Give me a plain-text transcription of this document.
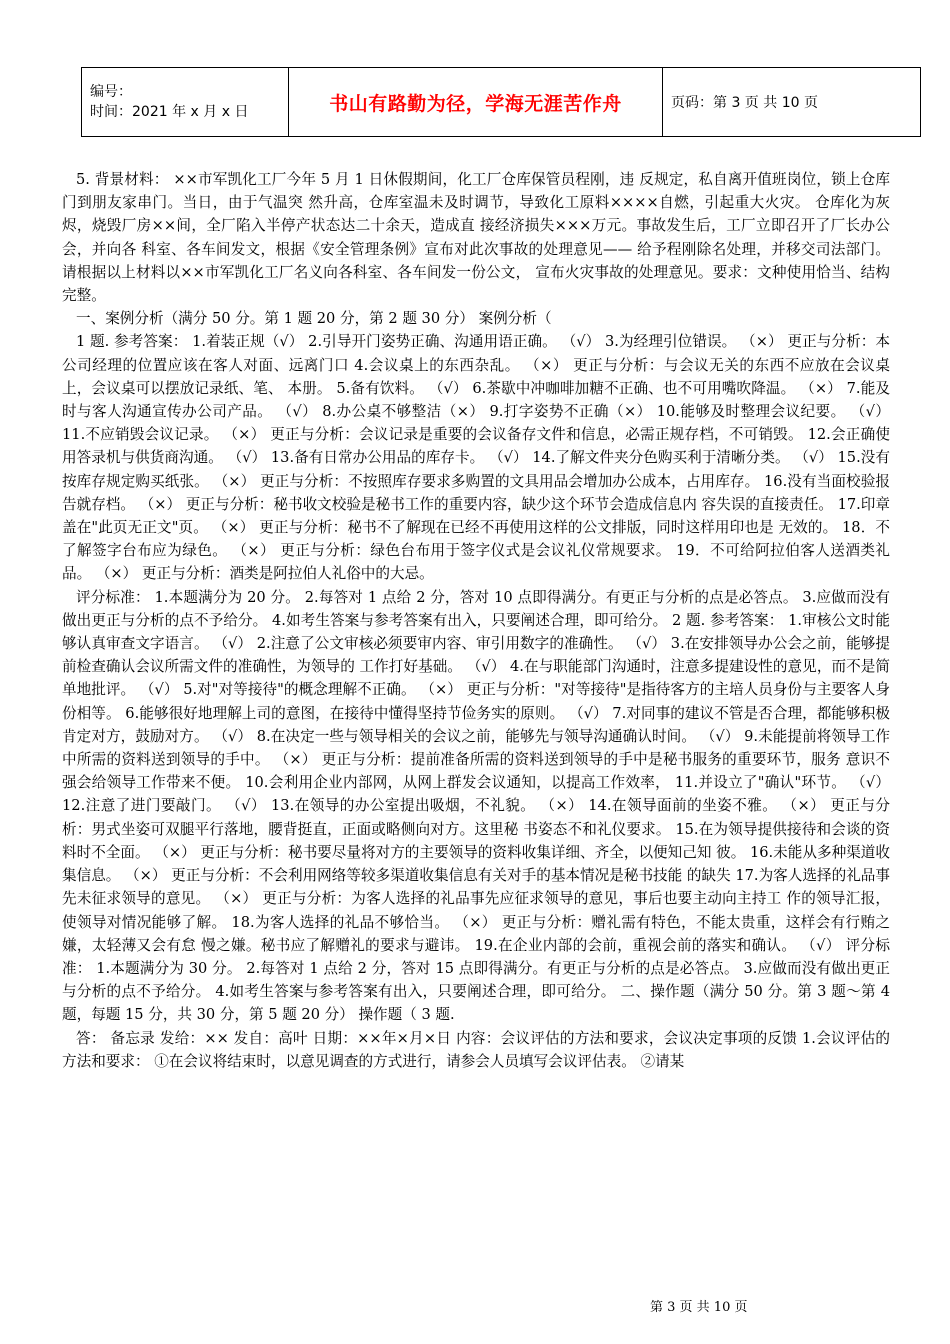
编号：
时间：2021 年 x 月 x 日	书山有路勤为径，学海无涯苦作舟	页码：第 3 页 共 10 页

5. 背景材料： ××市军凯化工厂今年 5 月 1 日休假期间，化工厂仓库保管员程刚，违 反规定，私自离开值班岗位，锁上仓库门到朋友家串门。当日，由于气温突 然升高，仓库室温未及时调节，导致化工原料××××自燃，引起重大火灾。 仓库化为灰烬，烧毁厂房××间，全厂陷入半停产状态达二十余天，造成直 接经济损失×××万元。事故发生后，工厂立即召开了厂长办公会，并向各 科室、各车间发文，根据《安全管理条例》宣布对此次事故的处理意见—— 给予程刚除名处理，并移交司法部门。 请根据以上材料以××市军凯化工厂名义向各科室、各车间发一份公文， 宣布火灾事故的处理意见。要求：文种使用恰当、结构完整。

一、案例分析（满分 50 分。第 1 题 20 分，第 2 题 30 分） 案例分析（

1 题. 参考答案： 1.着装正规（√） 2.引导开门姿势正确、沟通用语正确。 （√） 3.为经理引位错误。 （×） 更正与分析：本公司经理的位置应该在客人对面、远离门口 4.会议桌上的东西杂乱。 （×） 更正与分析：与会议无关的东西不应放在会议桌上，会议桌可以摆放记录纸、笔、 本册。 5.备有饮料。 （√） 6.茶歇中冲咖啡加糖不正确、也不可用嘴吹降温。 （×） 7.能及时与客人沟通宣传办公司产品。 （√） 8.办公桌不够整洁（×） 9.打字姿势不正确（×） 10.能够及时整理会议纪要。 （√） 11.不应销毁会议记录。 （×） 更正与分析：会议记录是重要的会议备存文件和信息，必需正规存档，不可销毁。 12.会正确使用答录机与供货商沟通。 （√） 13.备有日常办公用品的库存卡。 （√） 14.了解文件夹分色购买利于清晰分类。 （√） 15.没有按库存规定购买纸张。 （×） 更正与分析：不按照库存要求多购置的文具用品会增加办公成本，占用库存。 16.没有当面校验报告就存档。 （×） 更正与分析：秘书收文校验是秘书工作的重要内容，缺少这个环节会造成信息内 容失误的直接责任。 17.印章盖在"此页无正文"页。 （×） 更正与分析：秘书不了解现在已经不再使用这样的公文排版，同时这样用印也是 无效的。 18．不了解签字台布应为绿色。 （×） 更正与分析：绿色台布用于签字仪式是会议礼仪常规要求。 19．不可给阿拉伯客人送酒类礼品。 （×） 更正与分析：酒类是阿拉伯人礼俗中的大忌。

评分标准： 1.本题满分为 20 分。 2.每答对 1 点给 2 分，答对 10 点即得满分。有更正与分析的点是必答点。 3.应做而没有做出更正与分析的点不予给分。 4.如考生答案与参考答案有出入，只要阐述合理，即可给分。 2 题. 参考答案： 1.审核公文时能够认真审查文字语言。 （√） 2.注意了公文审核必须要审内容、审引用数字的准确性。 （√） 3.在安排领导办公会之前，能够提前检查确认会议所需文件的准确性，为领导的 工作打好基础。 （√） 4.在与职能部门沟通时，注意多提建设性的意见，而不是简单地批评。 （√） 5.对"对等接待"的概念理解不正确。 （×） 更正与分析："对等接待"是指待客方的主培人员身份与主要客人身份相等。 6.能够很好地理解上司的意图，在接待中懂得坚持节俭务实的原则。 （√） 7.对同事的建议不管是否合理，都能够积极肯定对方，鼓励对方。 （√） 8.在决定一些与领导相关的会议之前，能够先与领导沟通确认时间。 （√） 9.未能提前将领导工作中所需的资料送到领导的手中。 （×） 更正与分析：提前准备所需的资料送到领导的手中是秘书服务的重要环节，服务 意识不强会给领导工作带来不便。 10.会利用企业内部网，从网上群发会议通知，以提高工作效率， 11.并设立了"确认"环节。 （√） 12.注意了进门要敲门。 （√） 13.在领导的办公室提出吸烟，不礼貌。 （×） 14.在领导面前的坐姿不雅。 （×） 更正与分析：男式坐姿可双腿平行落地，腰背挺直，正面或略侧向对方。这里秘 书姿态不和礼仪要求。 15.在为领导提供接待和会谈的资料时不全面。 （×） 更正与分析：秘书要尽量将对方的主要领导的资料收集详细、齐全，以便知己知 彼。 16.未能从多种渠道收集信息。 （×） 更正与分析：不会利用网络等较多渠道收集信息有关对手的基本情况是秘书技能 的缺失 17.为客人选择的礼品事先未征求领导的意见。 （×） 更正与分析：为客人选择的礼品事先应征求领导的意见，事后也要主动向主持工 作的领导汇报，使领导对情况能够了解。 18.为客人选择的礼品不够恰当。 （×） 更正与分析：赠礼需有特色，不能太贵重，这样会有行贿之嫌，太轻薄又会有怠 慢之嫌。秘书应了解赠礼的要求与避讳。 19.在企业内部的会前，重视会前的落实和确认。 （√） 评分标准： 1.本题满分为 30 分。 2.每答对 1 点给 2 分，答对 15 点即得满分。有更正与分析的点是必答点。 3.应做而没有做出更正与分析的点不予给分。 4.如考生答案与参考答案有出入，只要阐述合理，即可给分。 二、操作题（满分 50 分。第 3 题～第 4 题，每题 15 分，共 30 分，第 5 题 20 分） 操作题（ 3 题.

答： 备忘录 发给：×× 发自：高叶 日期：××年×月×日 内容：会议评估的方法和要求，会议决定事项的反馈 1.会议评估的方法和要求： ①在会议将结束时，以意见调查的方式进行，请参会人员填写会议评估表。 ②请某

第 3 页 共 10 页
